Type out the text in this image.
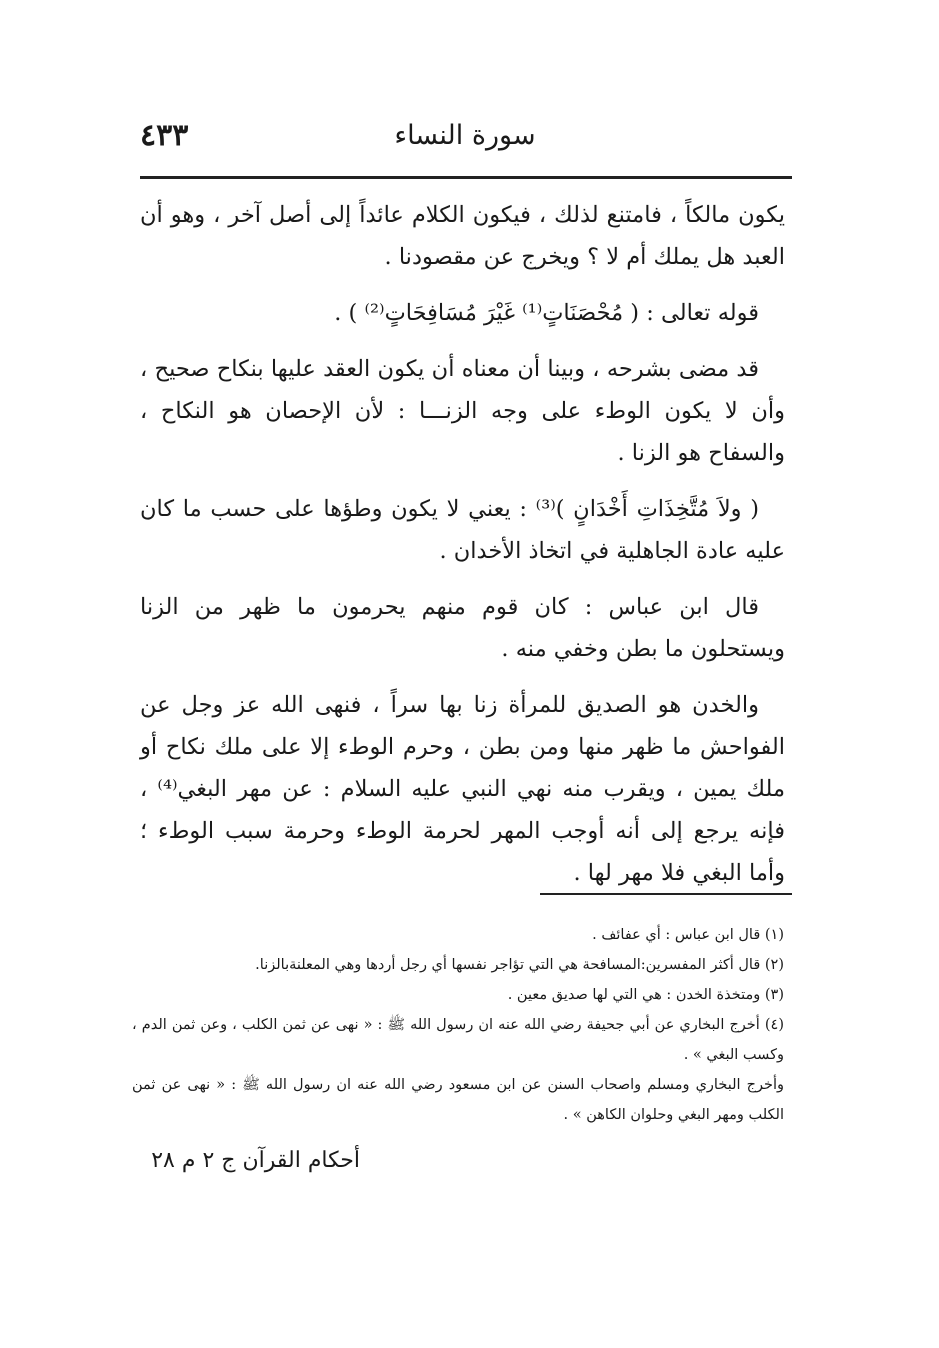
٤٣٣	سورة النساء

يكون مالكاً ، فامتنع لذلك ، فيكون الكلام عائداً إلى أصل آخر ، وهو أن العبد هل يملك أم لا ؟ ويخرج عن مقصودنا .

قوله تعالى : ( مُحْصَنَاتٍ⁽¹⁾ غَيْرَ مُسَافِحَاتٍ⁽²⁾ ) .

قد مضى بشرحه ، وبينا أن معناه أن يكون العقد عليها بنكاح صحيح ، وأن لا يكون الوطء على وجه الزنـــا : لأن الإحصان هو النكاح ، والسفاح هو الزنا .

( ولاَ مُتَّخِذَاتِ أَخْدَانٍ )⁽³⁾ : يعني لا يكون وطؤها على حسب ما كان عليه عادة الجاهلية في اتخاذ الأخدان .

قال ابن عباس : كان قوم منهم يحرمون ما ظهر من الزنا ويستحلون ما بطن وخفي منه .

والخدن هو الصديق للمرأة زنا بها سراً ، فنهى الله عز وجل عن الفواحش ما ظهر منها ومن بطن ، وحرم الوطء إلا على ملك نكاح أو ملك يمين ، ويقرب منه نهي النبي عليه السلام : عن مهر البغي⁽⁴⁾ ، فإنه يرجع إلى أنه أوجب المهر لحرمة الوطء وحرمة سبب الوطء ؛ وأما البغي فلا مهر لها .

(١) قال ابن عباس : أي عفائف .

(٢) قال أكثر المفسرين:المسافحة هي التي تؤاجر نفسها أي رجل أردها وهي المعلنةبالزنا.

(٣) ومتخذة الخدن : هي التي لها صديق معين .

(٤) أخرج البخاري عن أبي جحيفة رضي الله عنه ان رسول الله ﷺ : « نهى عن ثمن الكلب ، وعن ثمن الدم ، وكسب البغي » .

وأخرج البخاري ومسلم واصحاب السنن عن ابن مسعود رضي الله عنه ان رسول الله ﷺ : « نهى عن ثمن الكلب ومهر البغي وحلوان الكاهن » .

أحكام القرآن ج ٢ م ٢٨
